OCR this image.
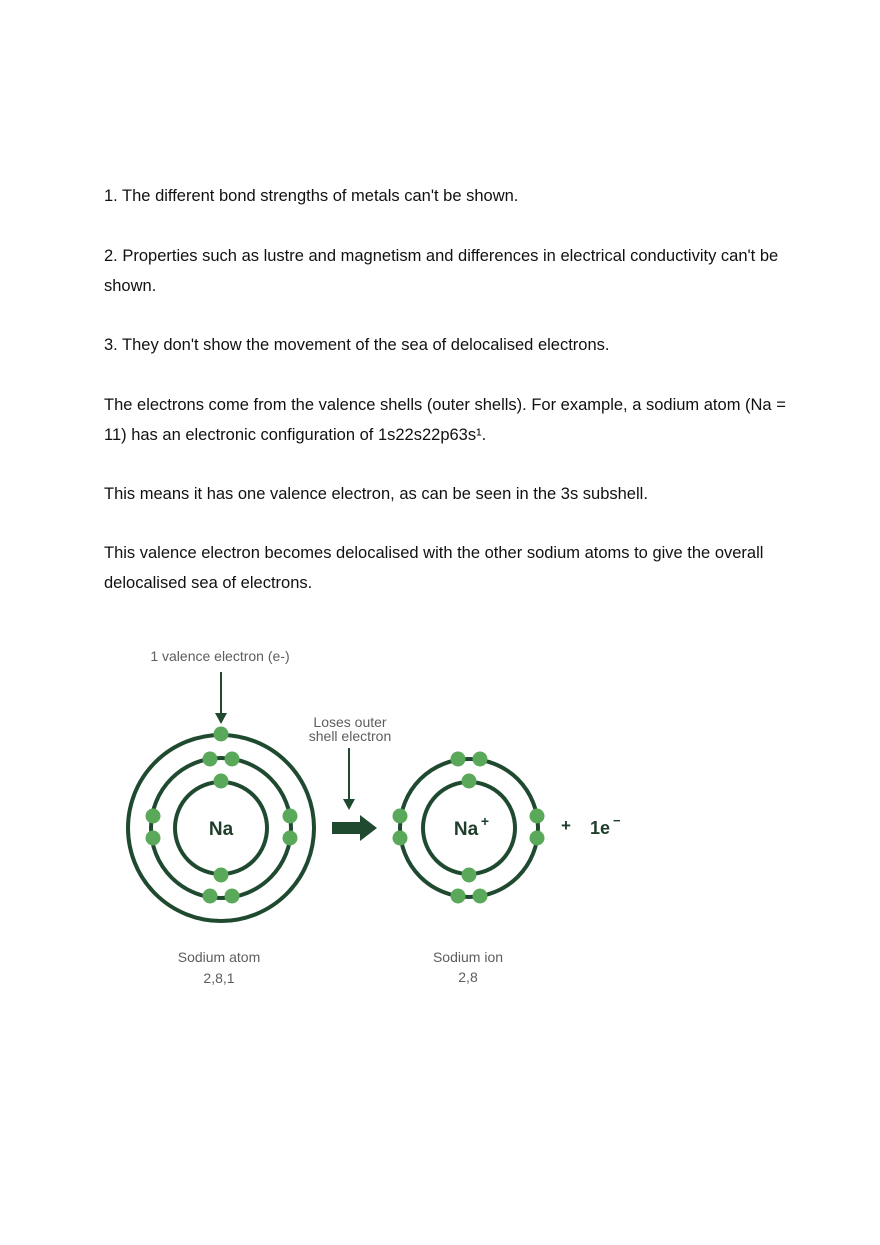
1. The different bond strengths of metals can't be shown.

2. Properties such as lustre and magnetism and differences in electrical conductivity can't be shown.

3. They don't show the movement of the sea of delocalised electrons.

The electrons come from the valence shells (outer shells). For example, a sodium atom (Na = 11) has an electronic configuration of 1s22s22p63s¹.

This means it has one valence electron, as can be seen in the 3s subshell.

This valence electron becomes delocalised with the other sodium atoms to give the overall delocalised sea of electrons.

1 valence electron (e-)
Na
Loses outer
shell electron
Na +	+ 1e −
Sodium atom
2,8,1
Sodium ion
2,8
